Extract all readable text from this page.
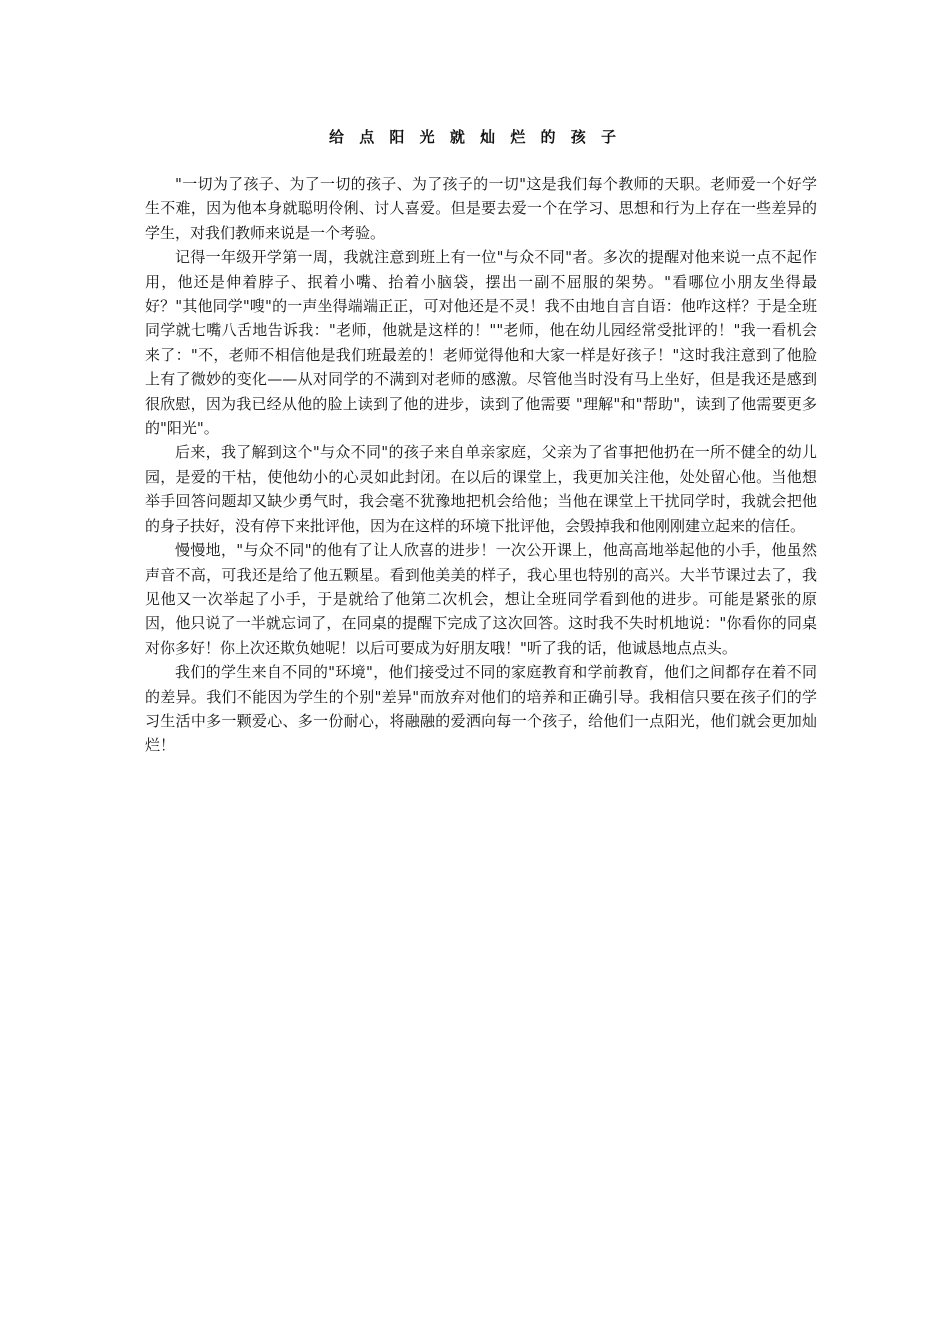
给 点 阳 光 就 灿 烂 的 孩 子

"一切为了孩子、为了一切的孩子、为了孩子的一切"这是我们每个教师的天职。老师爱一个好学生不难，因为他本身就聪明伶俐、讨人喜爱。但是要去爱一个在学习、思想和行为上存在一些差异的学生，对我们教师来说是一个考验。

记得一年级开学第一周，我就注意到班上有一位"与众不同"者。多次的提醒对他来说一点不起作用，他还是伸着脖子、抿着小嘴、抬着小脑袋，摆出一副不屈服的架势。"看哪位小朋友坐得最好？"其他同学"嗖"的一声坐得端端正正，可对他还是不灵！我不由地自言自语：他咋这样？于是全班同学就七嘴八舌地告诉我："老师，他就是这样的！""老师，他在幼儿园经常受批评的！"我一看机会来了："不，老师不相信他是我们班最差的！老师觉得他和大家一样是好孩子！"这时我注意到了他脸上有了微妙的变化——从对同学的不满到对老师的感激。尽管他当时没有马上坐好，但是我还是感到很欣慰，因为我已经从他的脸上读到了他的进步，读到了他需要 "理解"和"帮助"，读到了他需要更多的"阳光"。

后来，我了解到这个"与众不同"的孩子来自单亲家庭，父亲为了省事把他扔在一所不健全的幼儿园，是爱的干枯，使他幼小的心灵如此封闭。在以后的课堂上，我更加关注他，处处留心他。当他想举手回答问题却又缺少勇气时，我会毫不犹豫地把机会给他；当他在课堂上干扰同学时，我就会把他的身子扶好，没有停下来批评他，因为在这样的环境下批评他，会毁掉我和他刚刚建立起来的信任。

慢慢地，"与众不同"的他有了让人欣喜的进步！一次公开课上，他高高地举起他的小手，他虽然声音不高，可我还是给了他五颗星。看到他美美的样子，我心里也特别的高兴。大半节课过去了，我见他又一次举起了小手，于是就给了他第二次机会，想让全班同学看到他的进步。可能是紧张的原因，他只说了一半就忘词了，在同桌的提醒下完成了这次回答。这时我不失时机地说："你看你的同桌对你多好！你上次还欺负她呢！以后可要成为好朋友哦！"听了我的话，他诚恳地点点头。

我们的学生来自不同的"环境"，他们接受过不同的家庭教育和学前教育，他们之间都存在着不同的差异。我们不能因为学生的个别"差异"而放弃对他们的培养和正确引导。我相信只要在孩子们的学习生活中多一颗爱心、多一份耐心，将融融的爱洒向每一个孩子，给他们一点阳光，他们就会更加灿烂！
